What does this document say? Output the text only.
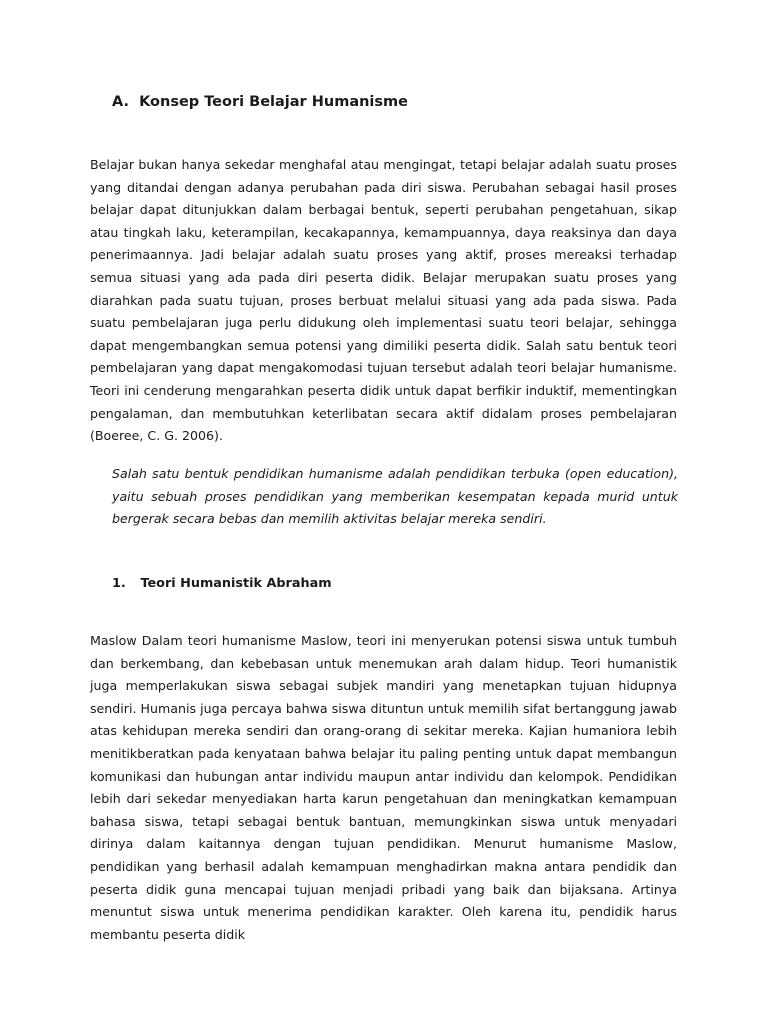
A. Konsep Teori Belajar Humanisme

Belajar bukan hanya sekedar menghafal atau mengingat, tetapi belajar adalah suatu proses yang ditandai dengan adanya perubahan pada diri siswa. Perubahan sebagai hasil proses belajar dapat ditunjukkan dalam berbagai bentuk, seperti perubahan pengetahuan, sikap atau tingkah laku, keterampilan, kecakapannya, kemampuannya, daya reaksinya dan daya penerimaannya. Jadi belajar adalah suatu proses yang aktif, proses mereaksi terhadap semua situasi yang ada pada diri peserta didik. Belajar merupakan suatu proses yang diarahkan pada suatu tujuan, proses berbuat melalui situasi yang ada pada siswa. Pada suatu pembelajaran juga perlu didukung oleh implementasi suatu teori belajar, sehingga dapat mengembangkan semua potensi yang dimiliki peserta didik. Salah satu bentuk teori pembelajaran yang dapat mengakomodasi tujuan tersebut adalah teori belajar humanisme. Teori ini cenderung mengarahkan peserta didik untuk dapat berfikir induktif, mementingkan pengalaman, dan membutuhkan keterlibatan secara aktif didalam proses pembelajaran (Boeree, C. G. 2006).

Salah satu bentuk pendidikan humanisme adalah pendidikan terbuka (open education), yaitu sebuah proses pendidikan yang memberikan kesempatan kepada murid untuk bergerak secara bebas dan memilih aktivitas belajar mereka sendiri.

1. Teori Humanistik Abraham

Maslow Dalam teori humanisme Maslow, teori ini menyerukan potensi siswa untuk tumbuh dan berkembang, dan kebebasan untuk menemukan arah dalam hidup. Teori humanistik juga memperlakukan siswa sebagai subjek mandiri yang menetapkan tujuan hidupnya sendiri. Humanis juga percaya bahwa siswa dituntun untuk memilih sifat bertanggung jawab atas kehidupan mereka sendiri dan orang-orang di sekitar mereka. Kajian humaniora lebih menitikberatkan pada kenyataan bahwa belajar itu paling penting untuk dapat membangun komunikasi dan hubungan antar individu maupun antar individu dan kelompok. Pendidikan lebih dari sekedar menyediakan harta karun pengetahuan dan meningkatkan kemampuan bahasa siswa, tetapi sebagai bentuk bantuan, memungkinkan siswa untuk menyadari dirinya dalam kaitannya dengan tujuan pendidikan. Menurut humanisme Maslow, pendidikan yang berhasil adalah kemampuan menghadirkan makna antara pendidik dan peserta didik guna mencapai tujuan menjadi pribadi yang baik dan bijaksana. Artinya menuntut siswa untuk menerima pendidikan karakter. Oleh karena itu, pendidik harus membantu peserta didik
